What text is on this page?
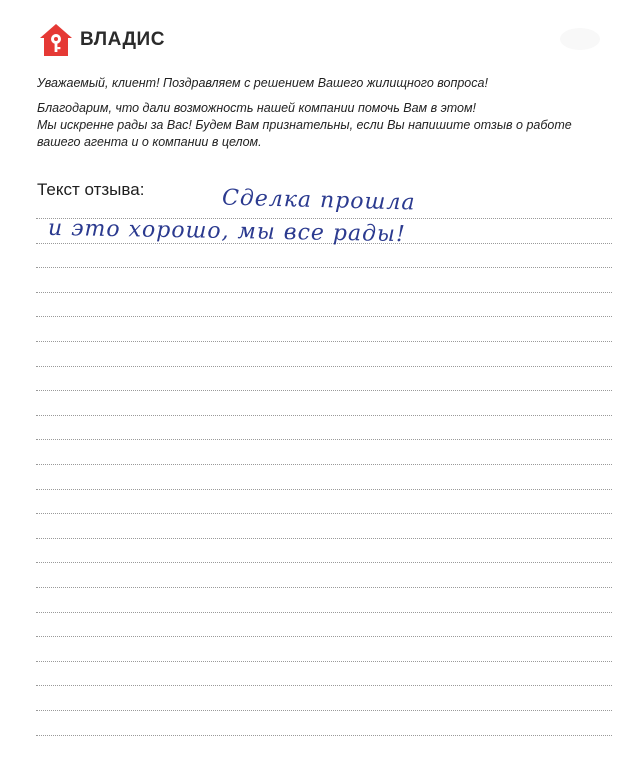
ВЛАДИС

Уважаемый, клиент! Поздравляем с решением Вашего жилищного вопроса!

Благодарим, что дали возможность нашей компании помочь Вам в этом!

Мы искренне рады за Вас! Будем Вам признательны, если Вы напишите отзыв о работе

вашего агента и о компании в целом.

Текст отзыва:	Сделка прошла
и это хорошо, мы все рады!
